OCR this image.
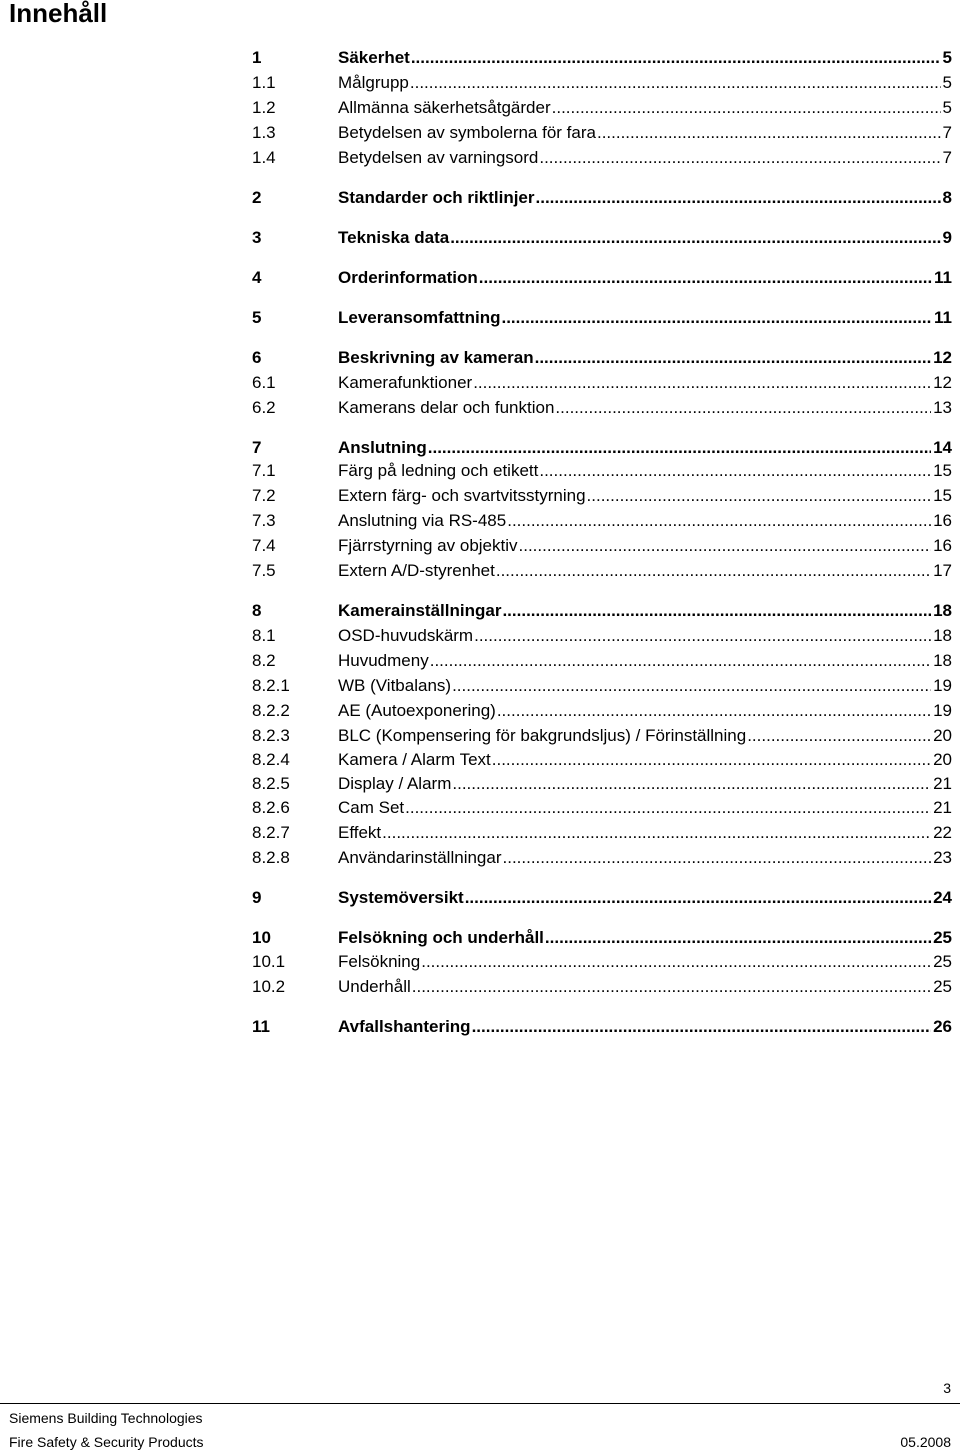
Innehåll
1	Säkerhet .....	5
1.1	Målgrupp .....	5
1.2	Allmänna säkerhetsåtgärder .....	5
1.3	Betydelsen av symbolerna för fara .....	7
1.4	Betydelsen av varningsord .....	7
2	Standarder och riktlinjer .....	8
3	Tekniska data .....	9
4	Orderinformation .....	11
5	Leveransomfattning .....	11
6	Beskrivning av kameran .....	12
6.1	Kamerafunktioner .....	12
6.2	Kamerans delar och funktion .....	13
7	Anslutning .....	14
7.1	Färg på ledning och etikett .....	15
7.2	Extern färg- och svartvitsstyrning .....	15
7.3	Anslutning via RS-485 .....	16
7.4	Fjärrstyrning av objektiv .....	16
7.5	Extern A/D-styrenhet .....	17
8	Kamerainställningar .....	18
8.1	OSD-huvudskärm .....	18
8.2	Huvudmeny .....	18
8.2.1	WB (Vitbalans) .....	19
8.2.2	AE (Autoexponering) .....	19
8.2.3	BLC (Kompensering för bakgrundsljus) / Förinställning .....	20
8.2.4	Kamera / Alarm Text .....	20
8.2.5	Display / Alarm .....	21
8.2.6	Cam Set .....	21
8.2.7	Effekt .....	22
8.2.8	Användarinställningar .....	23
9	Systemöversikt .....	24
10	Felsökning och underhåll .....	25
10.1	Felsökning .....	25
10.2	Underhåll .....	25
11	Avfallshantering .....	26
3
Siemens Building Technologies
Fire Safety & Security Products	05.2008
